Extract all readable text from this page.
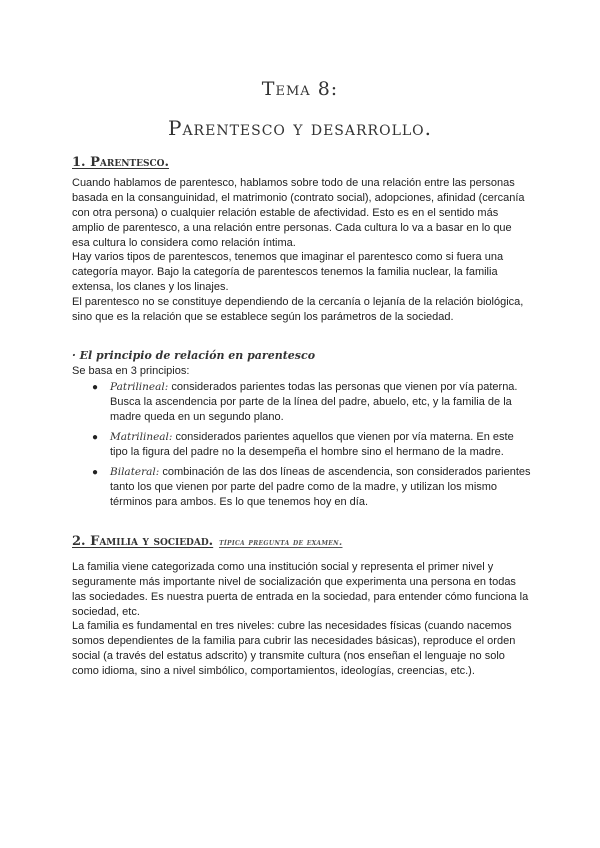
Tema 8:
Parentesco y desarrollo.
1. Parentesco.

Cuando hablamos de parentesco, hablamos sobre todo de una relación entre las personas basada en la consanguinidad, el matrimonio (contrato social), adopciones, afinidad (cercanía con otra persona) o cualquier relación estable de afectividad. Esto es en el sentido más amplio de parentesco, a una relación entre personas. Cada cultura lo va a basar en lo que esa cultura lo considera como relación íntima.

Hay varios tipos de parentescos, tenemos que imaginar el parentesco como si fuera una categoría mayor. Bajo la categoría de parentescos tenemos la familia nuclear, la familia extensa, los clanes y los linajes.

El parentesco no se constituye dependiendo de la cercanía o lejanía de la relación biológica, sino que es la relación que se establece según los parámetros de la sociedad.

· El principio de relación en parentesco

Se basa en 3 principios:

● Patrilineal: considerados parientes todas las personas que vienen por vía paterna. Busca la ascendencia por parte de la línea del padre, abuelo, etc, y la familia de la madre queda en un segundo plano.
● Matrilineal: considerados parientes aquellos que vienen por vía materna. En este tipo la figura del padre no la desempeña el hombre sino el hermano de la madre.
● Bilateral: combinación de las dos líneas de ascendencia, son considerados parientes tanto los que vienen por parte del padre como de la madre, y utilizan los mismo términos para ambos. Es lo que tenemos hoy en día.
2. Familia y sociedad. típica pregunta de examen.

La familia viene categorizada como una institución social y representa el primer nivel y seguramente más importante nivel de socialización que experimenta una persona en todas las sociedades. Es nuestra puerta de entrada en la sociedad, para entender cómo funciona la sociedad, etc.

La familia es fundamental en tres niveles: cubre las necesidades físicas (cuando nacemos somos dependientes de la familia para cubrir las necesidades básicas), reproduce el orden social (a través del estatus adscrito) y transmite cultura (nos enseñan el lenguaje no solo como idioma, sino a nivel simbólico, comportamientos, ideologías, creencias, etc.).
